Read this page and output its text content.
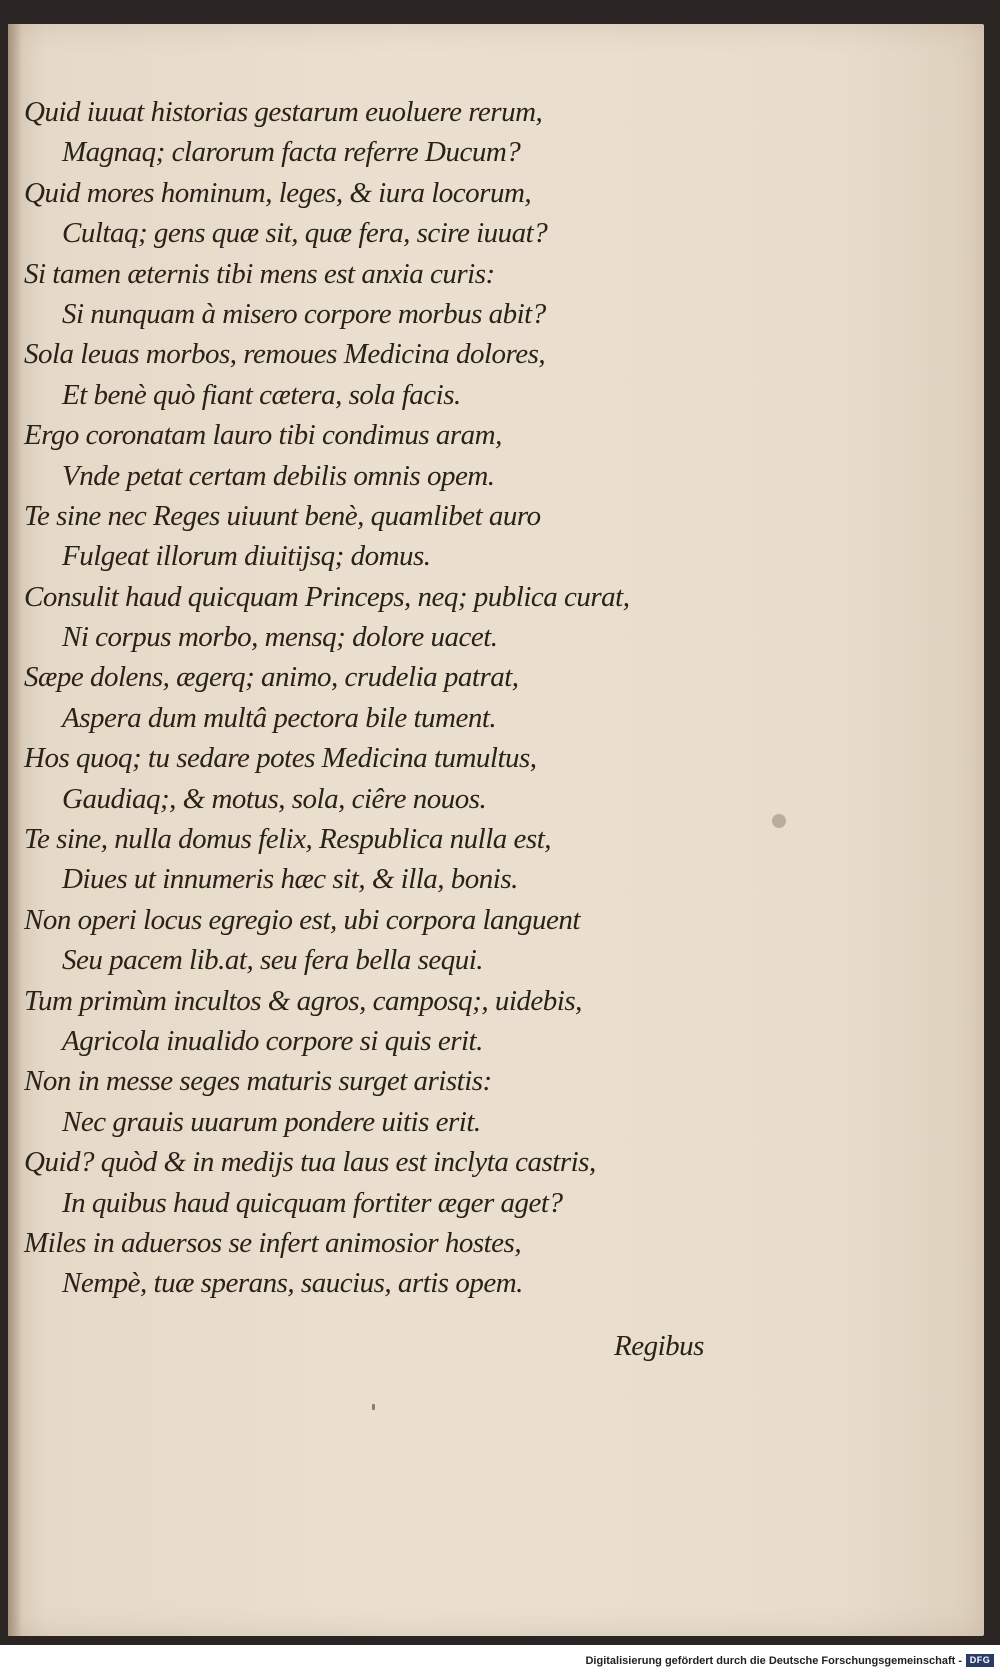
Quid iuuat historias gestarum euoluere rerum,
Magnaq; clarorum facta referre Ducum?
Quid mores hominum, leges, & iura locorum,
Cultaq; gens quæ sit, quæ fera, scire iuuat?
Si tamen æternis tibi mens est anxia curis:
Si nunquam à misero corpore morbus abit?
Sola leuas morbos, remoues Medicina dolores,
Et benè quò fiant cætera, sola facis.
Ergo coronatam lauro tibi condimus aram,
Vnde petat certam debilis omnis opem.
Te sine nec Reges uiuunt benè, quamlibet auro
Fulgeat illorum diuitijsq; domus.
Consulit haud quicquam Princeps, neq; publica curat,
Ni corpus morbo, mensq; dolore uacet.
Sæpe dolens, ægerq; animo, crudelia patrat,
Aspera dum multâ pectora bile tument.
Hos quoq; tu sedare potes Medicina tumultus,
Gaudiaq;, & motus, sola, ciêre nouos.
Te sine, nulla domus felix, Respublica nulla est,
Diues ut innumeris hæc sit, & illa, bonis.
Non operi locus egregio est, ubi corpora languent
Seu pacem lib.at, seu fera bella sequi.
Tum primùm incultos & agros, camposq;, uidebis,
Agricola inualido corpore si quis erit.
Non in messe seges maturis surget aristis:
Nec grauis uuarum pondere uitis erit.
Quid? quòd & in medijs tua laus est inclyta castris,
In quibus haud quicquam fortiter æger aget?
Miles in aduersos se infert animosior hostes,
Nempè, tuæ sperans, saucius, artis opem.
Regibus
Digitalisierung gefördert durch die Deutsche Forschungsgemeinschaft - DFG
